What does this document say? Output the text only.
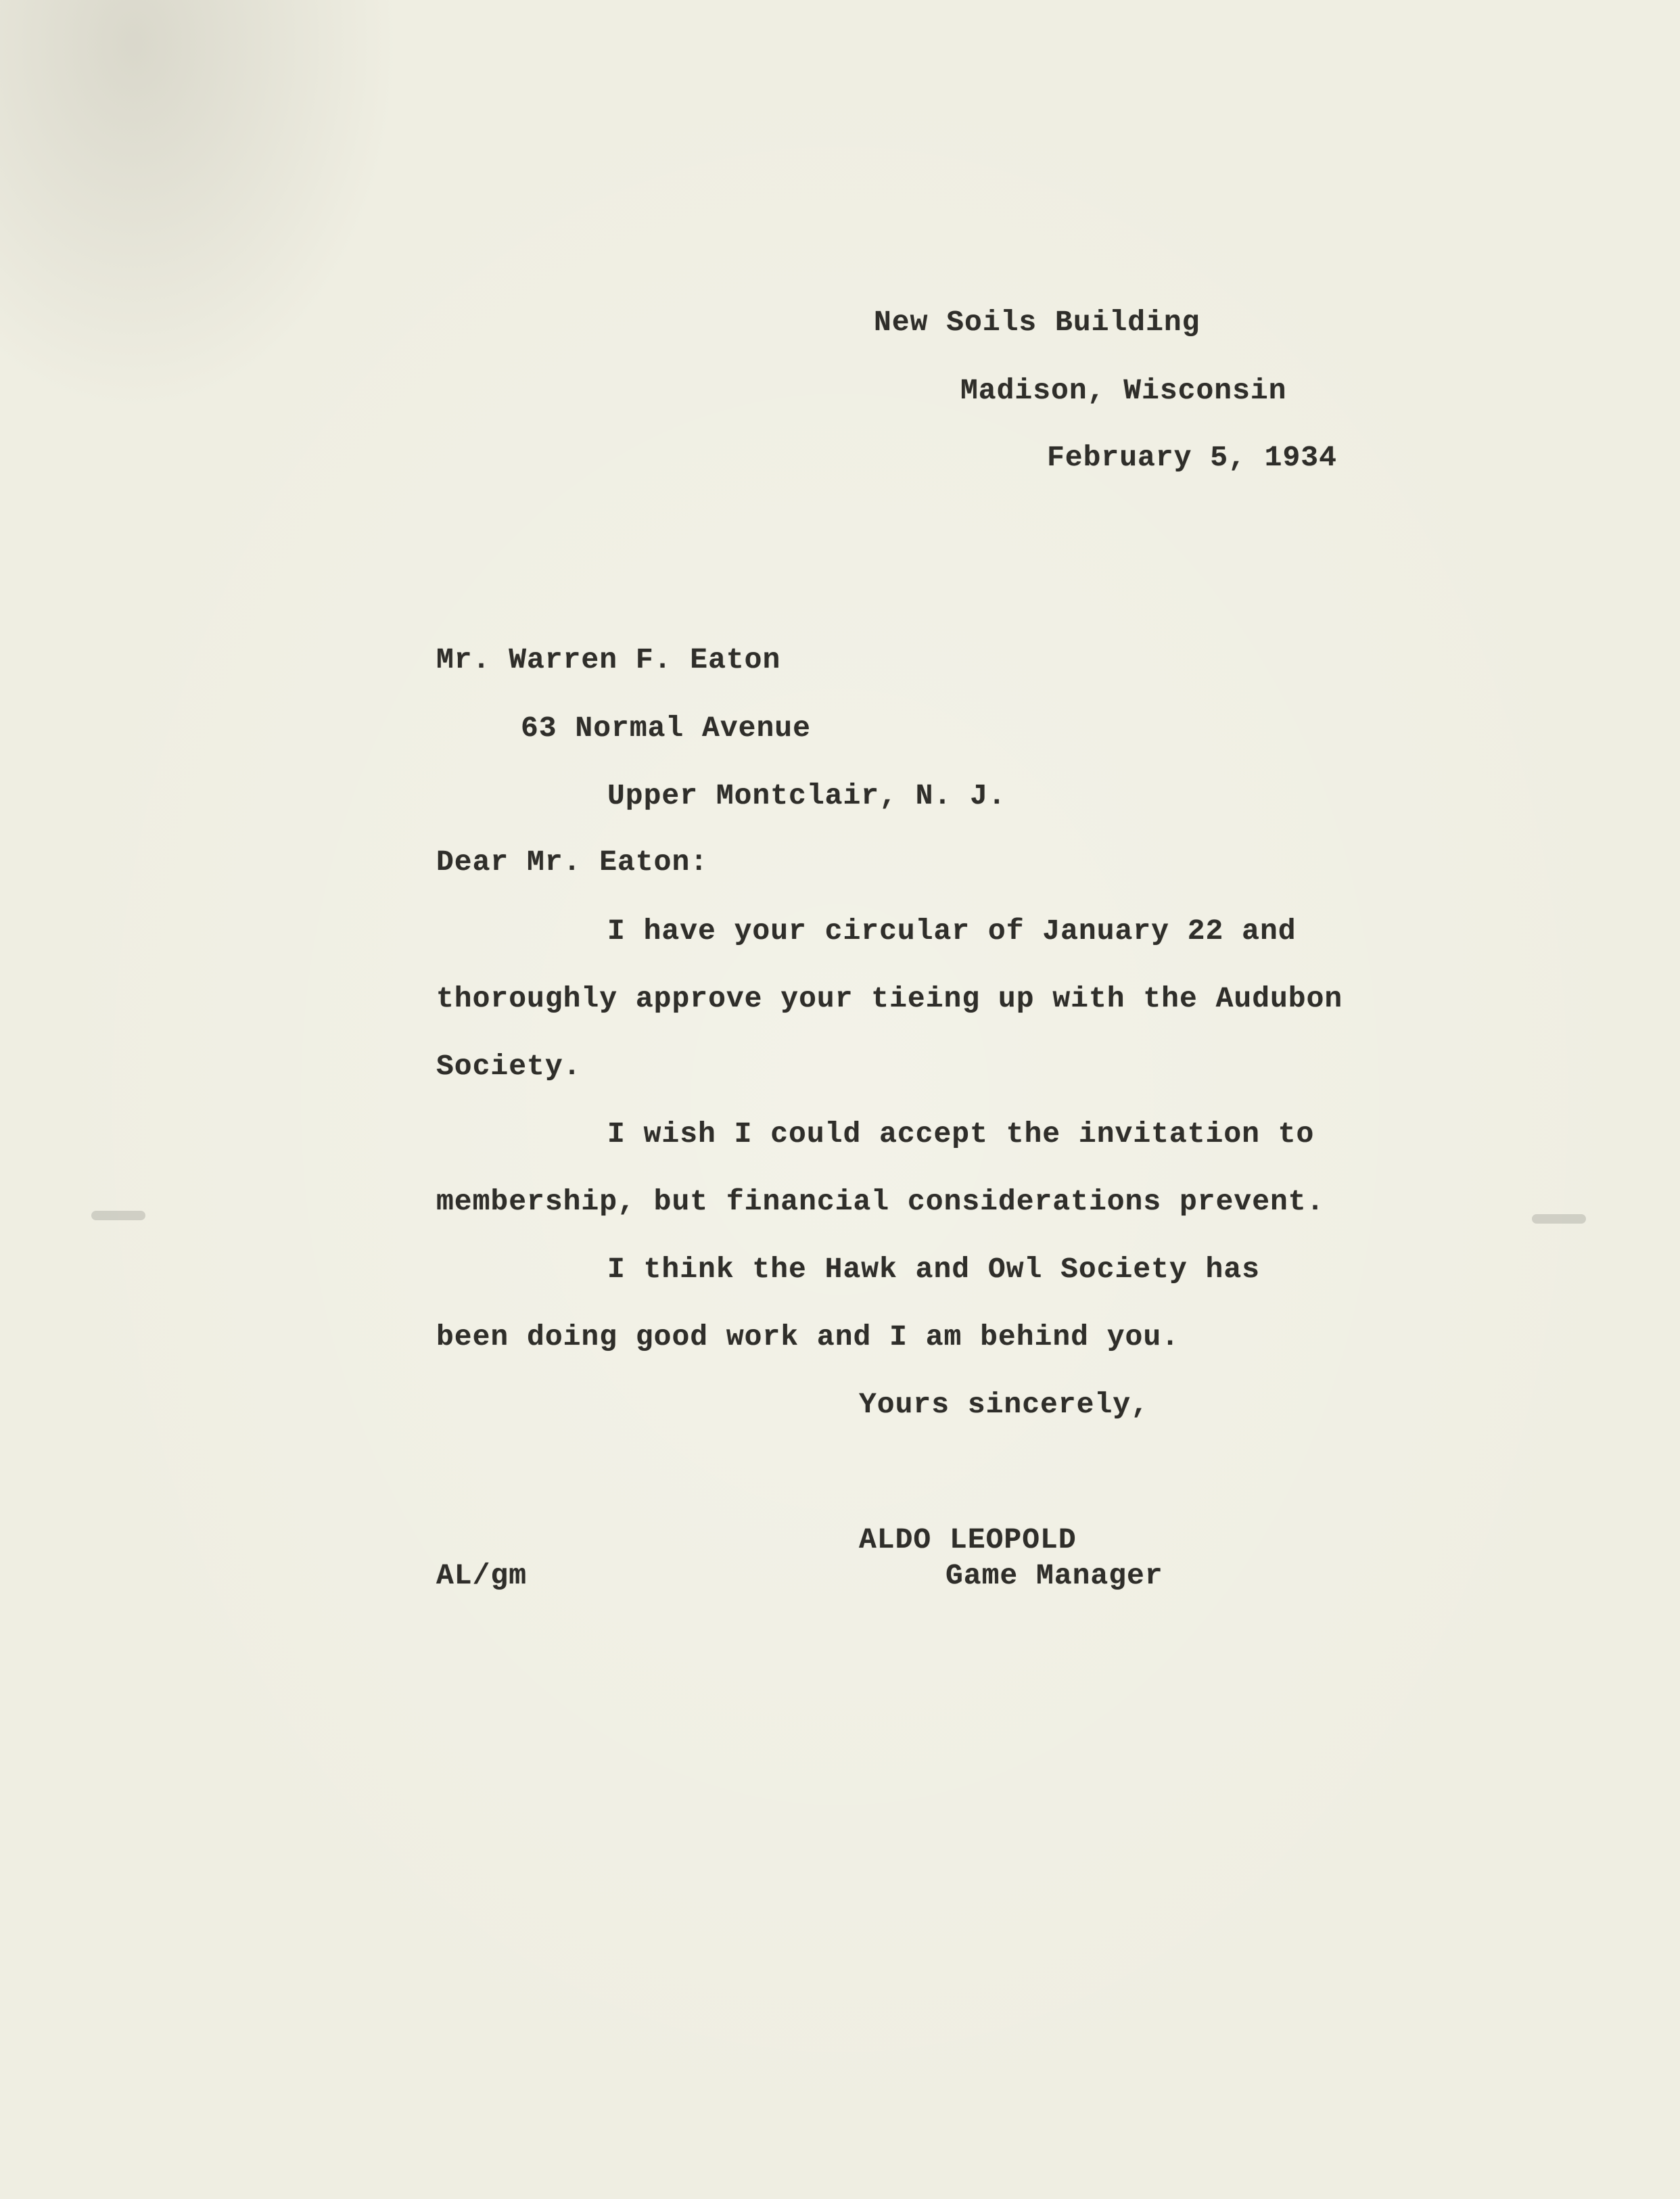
New Soils Building
Madison, Wisconsin
February 5, 1934
Mr. Warren F. Eaton
63 Normal Avenue
Upper Montclair, N. J.
Dear Mr. Eaton:
I have your circular of January 22 and
thoroughly approve your tieing up with the Audubon
Society.
I wish I could accept the invitation to
membership, but financial considerations prevent.
I think the Hawk and Owl Society has
been doing good work and I am behind you.
Yours sincerely,
ALDO LEOPOLD
Game Manager
AL/gm
